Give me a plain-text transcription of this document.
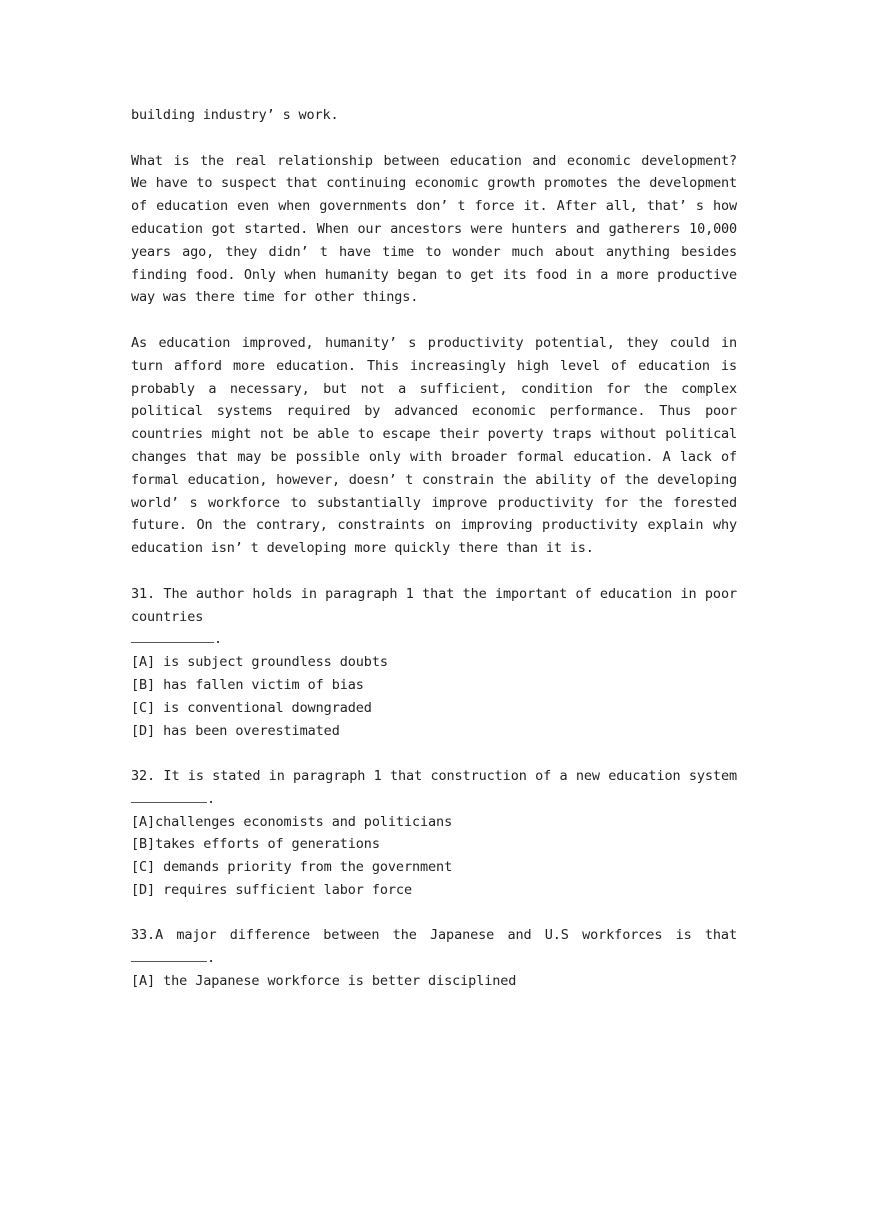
building industry’ s work.

What is the real relationship between education and economic development? We have to suspect that continuing economic growth promotes the development of education even when governments don’ t force it. After all, that’ s how education got started. When our ancestors were hunters and gatherers 10,000 years ago, they didn’ t have time to wonder much about anything besides finding food. Only when humanity began to get its food in a more productive way was there time for other things.

As education improved, humanity’ s productivity potential, they could in turn afford more education. This increasingly high level of education is probably a necessary, but not a sufficient, condition for the complex political systems required by advanced economic performance. Thus poor countries might not be able to escape their poverty traps without political changes that may be possible only with broader formal education. A lack of formal education, however, doesn’ t constrain the ability of the developing world’ s workforce to substantially improve productivity for the forested future. On the contrary, constraints on improving productivity explain why education isn’ t developing more quickly there than it is.

31. The author holds in paragraph 1 that the important of education in poor countries
.

[A] is subject groundless doubts

[B] has fallen victim of bias

[C] is conventional downgraded

[D] has been overestimated

32. It is stated in paragraph 1 that construction of a new education system

.

[A]challenges economists and politicians

[B]takes efforts of generations

[C] demands priority from the government

[D] requires sufficient labor force

33.A major difference between the Japanese and U.S workforces is that .

[A] the Japanese workforce is better disciplined
